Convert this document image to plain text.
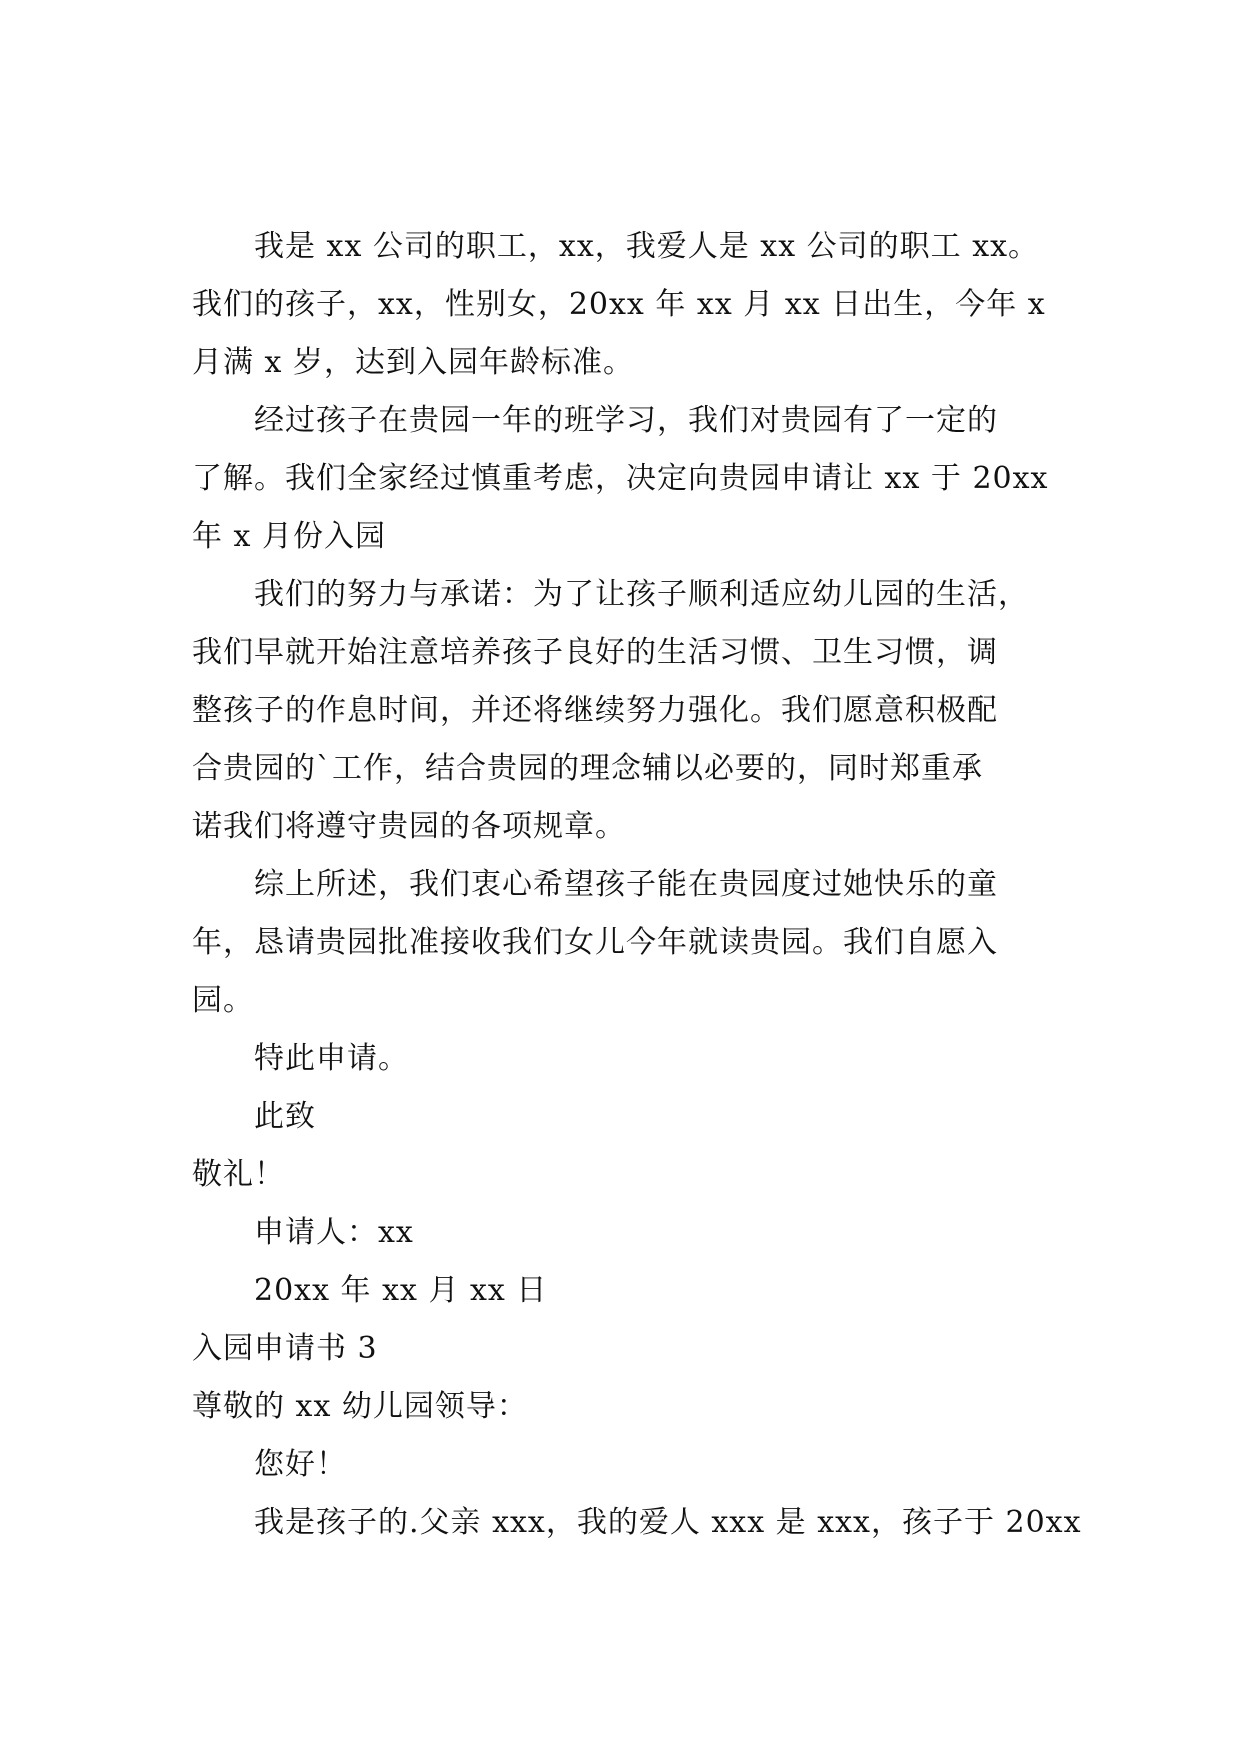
我是 xx 公司的职工，xx，我爱人是 xx 公司的职工 xx。
我们的孩子，xx，性别女，20xx 年 xx 月 xx 日出生，今年 x
月满 x 岁，达到入园年龄标准。
经过孩子在贵园一年的班学习，我们对贵园有了一定的
了解。我们全家经过慎重考虑，决定向贵园申请让 xx 于 20xx
年 x 月份入园
我们的努力与承诺：为了让孩子顺利适应幼儿园的生活，
我们早就开始注意培养孩子良好的生活习惯、卫生习惯，调
整孩子的作息时间，并还将继续努力强化。我们愿意积极配
合贵园的`工作，结合贵园的理念辅以必要的，同时郑重承
诺我们将遵守贵园的各项规章。
综上所述，我们衷心希望孩子能在贵园度过她快乐的童
年，恳请贵园批准接收我们女儿今年就读贵园。我们自愿入
园。
特此申请。
此致
敬礼！
申请人：xx
20xx 年 xx 月 xx 日
入园申请书 3
尊敬的 xx 幼儿园领导：
您好！
我是孩子的.父亲 xxx，我的爱人 xxx 是 xxx，孩子于 20xx
